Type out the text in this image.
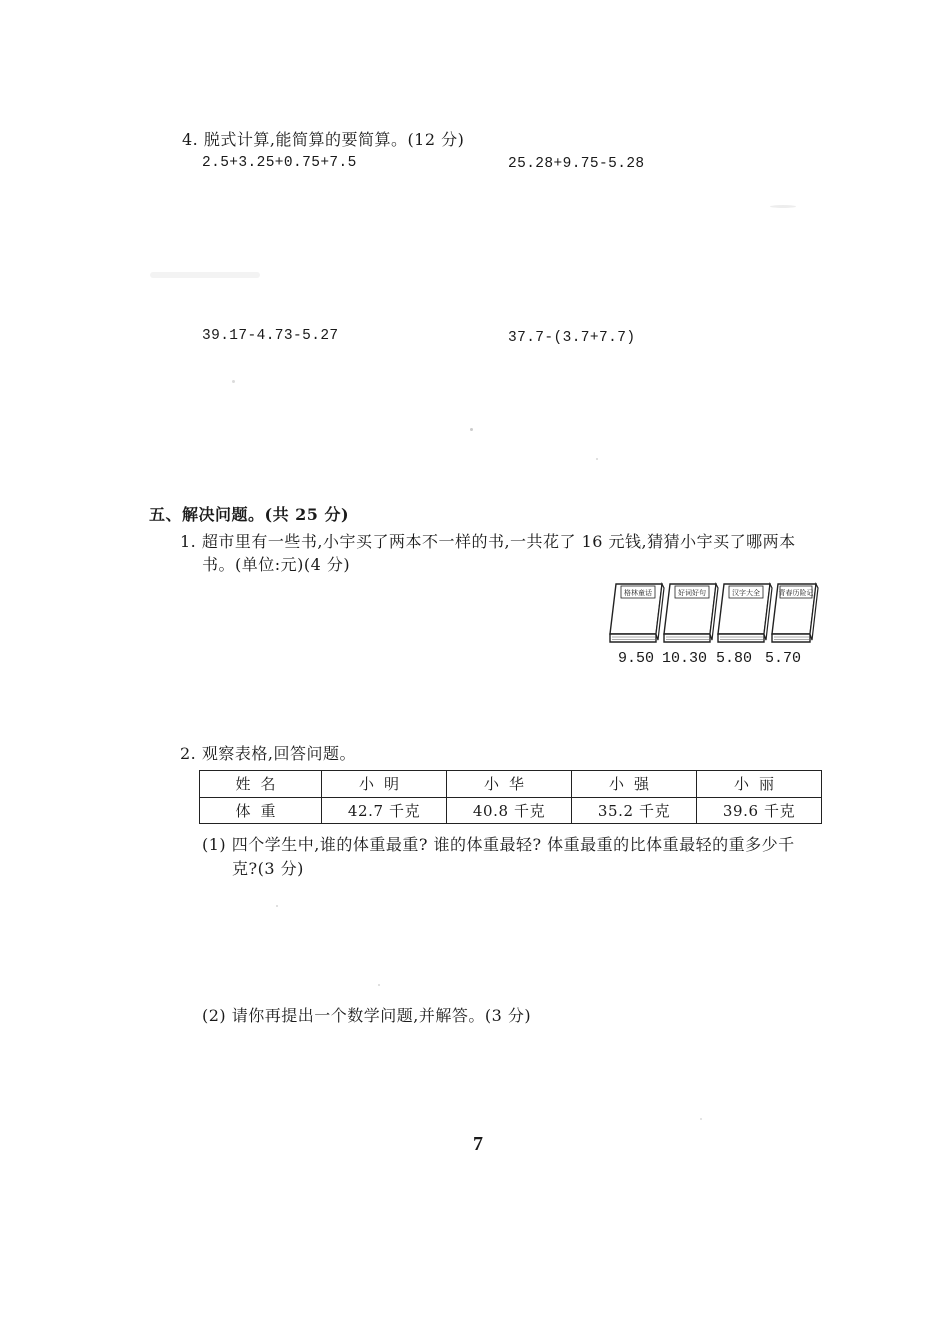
4. 脱式计算,能简算的要简算。(12 分)
2.5+3.25+0.75+7.5	25.28+9.75-5.28
39.17-4.73-5.27	37.7-(3.7+7.7)
五、解决问题。(共 25 分)
1. 超市里有一些书,小宇买了两本不一样的书,一共花了 16 元钱,猜猜小宇买了哪两本
书。(单位:元)(4 分)
格林童话	好词好句	汉字大全	青春历险记
9.50 10.30 5.80 5.70
2. 观察表格,回答问题。
姓名	小明	小华	小强	小丽
体重	42.7 千克	40.8 千克	35.2 千克	39.6 千克
(1) 四个学生中,谁的体重最重? 谁的体重最轻? 体重最重的比体重最轻的重多少千
克?(3 分)
(2) 请你再提出一个数学问题,并解答。(3 分)
7
